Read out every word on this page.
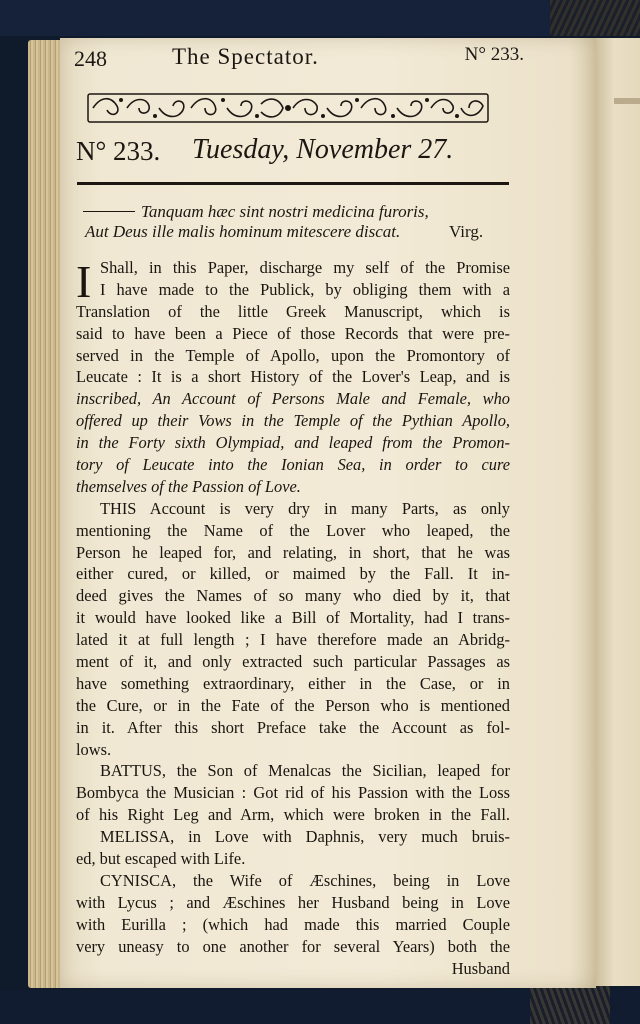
248	The Spectator.	N° 233.
N° 233. Tuesday, November 27.
Tanquam hæc sint nostri medicina furoris,
Aut Deus ille malis hominum mitescere discat.	Virg.
I Shall, in this Paper, discharge my self of the Promise
I have made to the Publick, by obliging them with a
Translation of the little Greek Manuscript, which is
said to have been a Piece of those Records that were pre-
served in the Temple of Apollo, upon the Promontory of
Leucate : It is a short History of the Lover's Leap, and is
inscribed, An Account of Persons Male and Female, who
offered up their Vows in the Temple of the Pythian Apollo,
in the Forty sixth Olympiad, and leaped from the Promon-
tory of Leucate into the Ionian Sea, in order to cure
themselves of the Passion of Love.
THIS Account is very dry in many Parts, as only
mentioning the Name of the Lover who leaped, the
Person he leaped for, and relating, in short, that he was
either cured, or killed, or maimed by the Fall. It in-
deed gives the Names of so many who died by it, that
it would have looked like a Bill of Mortality, had I trans-
lated it at full length ; I have therefore made an Abridg-
ment of it, and only extracted such particular Passages as
have something extraordinary, either in the Case, or in
the Cure, or in the Fate of the Person who is mentioned
in it. After this short Preface take the Account as fol-
lows.
BATTUS, the Son of Menalcas the Sicilian, leaped for
Bombyca the Musician : Got rid of his Passion with the Loss
of his Right Leg and Arm, which were broken in the Fall.
MELISSA, in Love with Daphnis, very much bruis-
ed, but escaped with Life.
CYNISCA, the Wife of Æschines, being in Love
with Lycus ; and Æschines her Husband being in Love
with Eurilla ; (which had made this married Couple
very uneasy to one another for several Years) both the
Husband
